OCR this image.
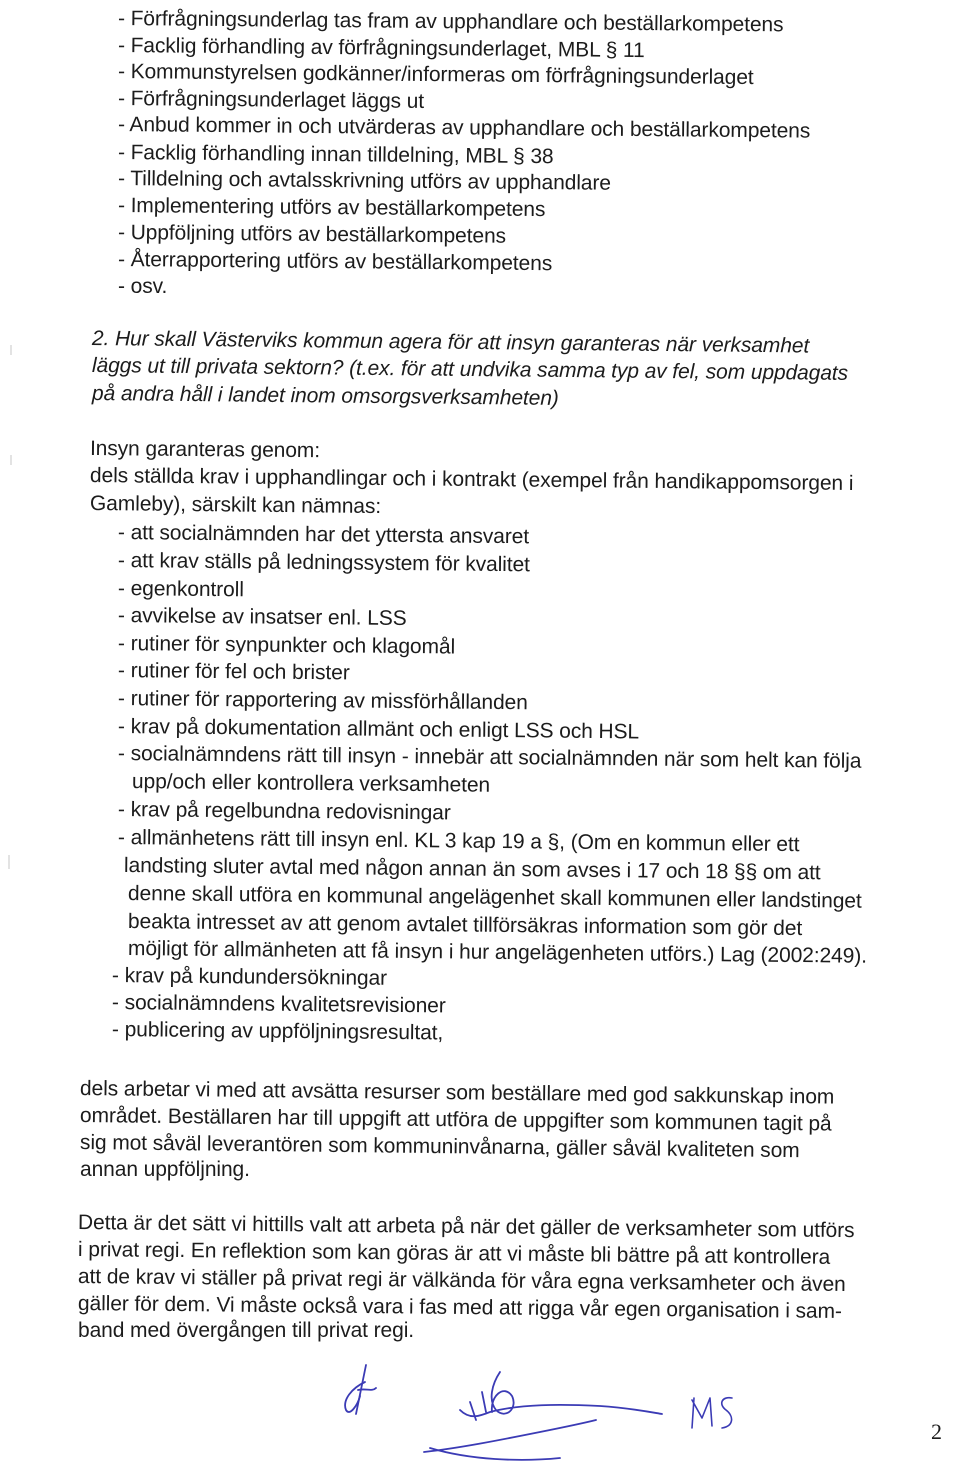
- Förfrågningsunderlag tas fram av upphandlare och beställarkompetens
- Facklig förhandling av förfrågningsunderlaget, MBL § 11
- Kommunstyrelsen godkänner/informeras om förfrågningsunderlaget
- Förfrågningsunderlaget läggs ut
- Anbud kommer in och utvärderas av upphandlare och beställarkompetens
- Facklig förhandling innan tilldelning, MBL § 38
- Tilldelning och avtalsskrivning utförs av upphandlare
- Implementering utförs av beställarkompetens
- Uppföljning utförs av beställarkompetens
- Återrapportering utförs av beställarkompetens
- osv.
2. Hur skall Västerviks kommun agera för att insyn garanteras när verksamhet
läggs ut till privata sektorn? (t.ex. för att undvika samma typ av fel, som uppdagats
på andra håll i landet inom omsorgsverksamheten)
Insyn garanteras genom:
dels ställda krav i upphandlingar och i kontrakt (exempel från handikappomsorgen i
Gamleby), särskilt kan nämnas:
- att socialnämnden har det yttersta ansvaret
- att krav ställs på ledningssystem för kvalitet
- egenkontroll
- avvikelse av insatser enl. LSS
- rutiner för synpunkter och klagomål
- rutiner för fel och brister
- rutiner för rapportering av missförhållanden
- krav på dokumentation allmänt och enligt LSS och HSL
- socialnämndens rätt till insyn - innebär att socialnämnden när som helt kan följa
upp/och eller kontrollera verksamheten
- krav på regelbundna redovisningar
- allmänhetens rätt till insyn enl. KL 3 kap 19 a §, (Om en kommun eller ett
landsting sluter avtal med någon annan än som avses i 17 och 18 §§ om att
denne skall utföra en kommunal angelägenhet skall kommunen eller landstinget
beakta intresset av att genom avtalet tillförsäkras information som gör det
möjligt för allmänheten att få insyn i hur angelägenheten utförs.) Lag (2002:249).
- krav på kundundersökningar
- socialnämndens kvalitetsrevisioner
- publicering av uppföljningsresultat,
dels arbetar vi med att avsätta resurser som beställare med god sakkunskap inom
området. Beställaren har till uppgift att utföra de uppgifter som kommunen tagit på
sig mot såväl leverantören som kommuninvånarna, gäller såväl kvaliteten som
annan uppföljning.
Detta är det sätt vi hittills valt att arbeta på när det gäller de verksamheter som utförs
i privat regi. En reflektion som kan göras är att vi måste bli bättre på att kontrollera
att de krav vi ställer på privat regi är välkända för våra egna verksamheter och även
gäller för dem. Vi måste också vara i fas med att rigga vår egen organisation i sam-
band med övergången till privat regi.
2
